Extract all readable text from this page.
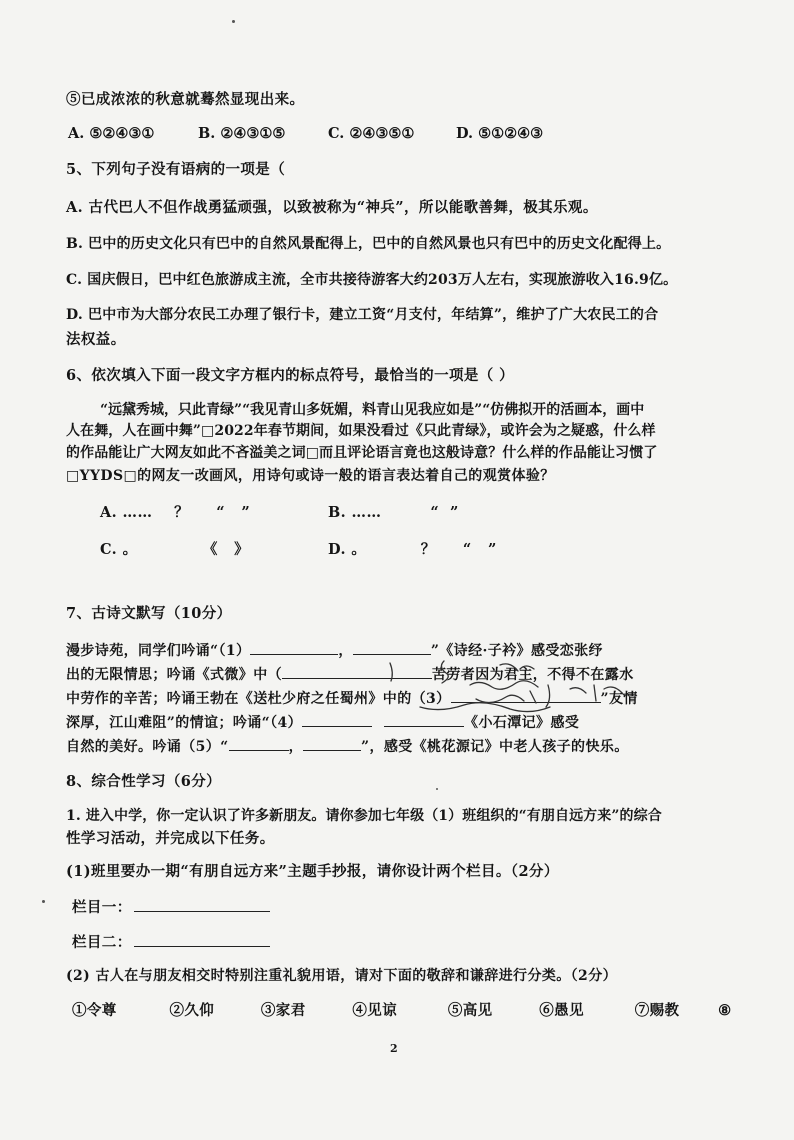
⑤已成浓浓的秋意就蓦然显现出来。
A. ⑤②④③①	B. ②④③①⑤	C. ②④③⑤①	D. ⑤①②④③
5、下列句子没有语病的一项是（
A. 古代巴人不但作战勇猛顽强，以致被称为“神兵”，所以能歌善舞，极其乐观。
B. 巴中的历史文化只有巴中的自然风景配得上，巴中的自然风景也只有巴中的历史文化配得上。
C. 国庆假日，巴中红色旅游成主流，全市共接待游客大约203万人左右，实现旅游收入16.9亿。
D. 巴中市为大部分农民工办理了银行卡，建立工资“月支付，年结算”，维护了广大农民工的合
法权益。
6、依次填入下面一段文字方框内的标点符号，最恰当的一项是（ ）
“远黛秀城，只此青绿”“我见青山多妩媚，料青山见我应如是”“仿佛拟开的活画本，画中
人在舞，人在画中舞”□2022年春节期间，如果没看过《只此青绿》，或许会为之疑惑，什么样
的作品能让广大网友如此不吝溢美之词□而且评论语言竟也这般诗意？什么样的作品能让习惯了
□YYDS□的网友一改画风，用诗句或诗一般的语言表达着自己的观赏体验？
A. ……    ？     “   ”	B. ……         “  ”
C. 。            《   》	D. 。          ？     “   ”
7、古诗文默写（10分）
漫步诗苑，同学们吟诵“（1）	，	”《诗经·子衿》感受恋张纾
出的无限情思；吟诵《式微》中（	苦劳者因为君主，不得不在露水
中劳作的辛苦；吟诵王勃在《送杜少府之任蜀州》中的（3）	”友情
深厚，江山难阻”的情谊；吟诵“（4）	《小石潭记》感受
自然的美好。吟诵（5）“	，	”，感受《桃花源记》中老人孩子的快乐。
8、综合性学习（6分）
1. 进入中学，你一定认识了许多新朋友。请你参加七年级（1）班组织的“有朋自远方来”的综合
性学习活动，并完成以下任务。
(1)班里要办一期“有朋自远方来”主题手抄报，请你设计两个栏目。（2分）
栏目一：
栏目二：
(2) 古人在与朋友相交时特别注重礼貌用语，请对下面的敬辞和谦辞进行分类。（2分）
①令尊	②久仰	③家君	④见谅	⑤高见	⑥愚见	⑦赐教	⑧
2
